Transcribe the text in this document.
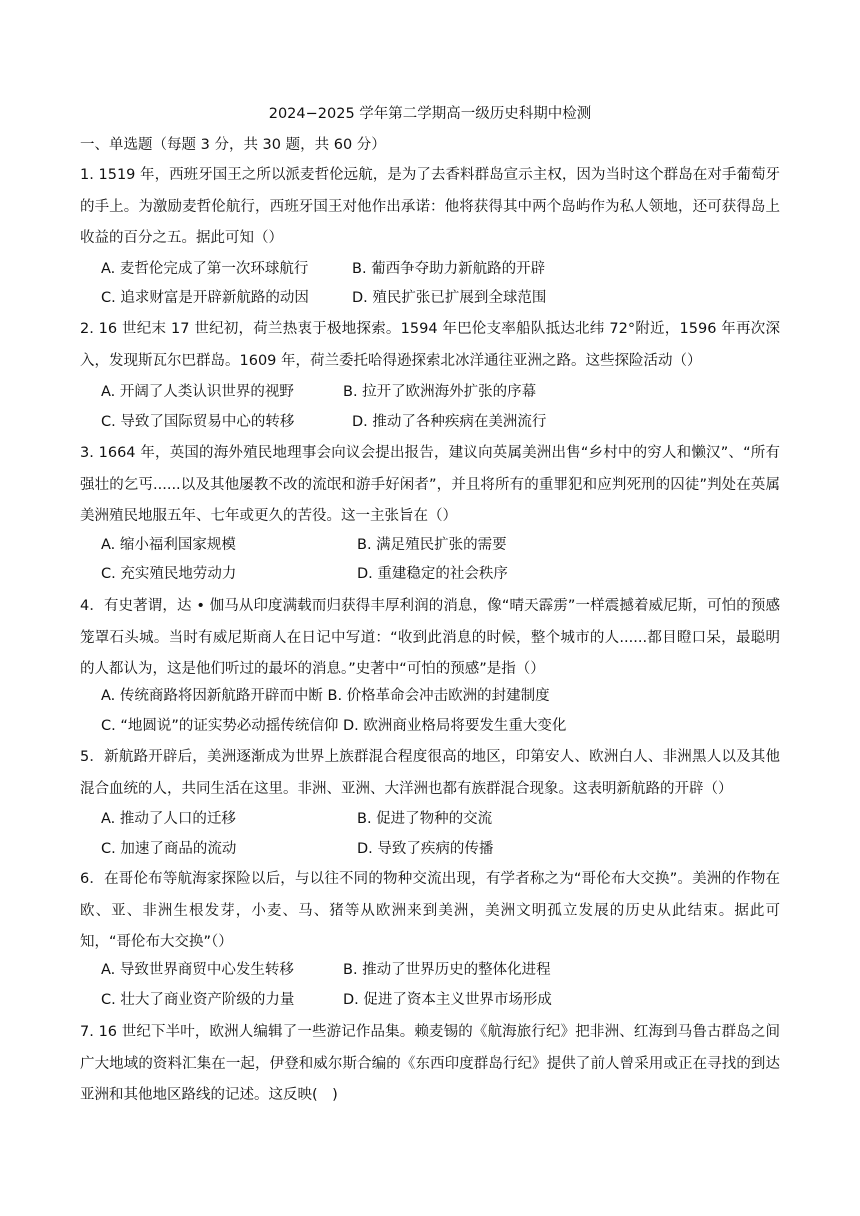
2024−2025 学年第二学期高一级历史科期中检测
一、单选题（每题 3 分，共 30 题，共 60 分）
1. 1519 年，西班牙国王之所以派麦哲伦远航，是为了去香料群岛宣示主权，因为当时这个群岛在对手葡萄牙的手上。为激励麦哲伦航行，西班牙国王对他作出承诺：他将获得其中两个岛屿作为私人领地，还可获得岛上收益的百分之五。据此可知（）
A. 麦哲伦完成了第一次环球航行	B. 葡西争夺助力新航路的开辟
C. 追求财富是开辟新航路的动因	D. 殖民扩张已扩展到全球范围
2. 16 世纪末 17 世纪初，荷兰热衷于极地探索。1594 年巴伦支率船队抵达北纬 72°附近，1596 年再次深入，发现斯瓦尔巴群岛。1609 年，荷兰委托哈得逊探索北冰洋通往亚洲之路。这些探险活动（）
A. 开阔了人类认识世界的视野	B. 拉开了欧洲海外扩张的序幕
C. 导致了国际贸易中心的转移	D. 推动了各种疾病在美洲流行
3. 1664 年，英国的海外殖民地理事会向议会提出报告，建议向英属美洲出售“乡村中的穷人和懒汉”、“所有强壮的乞丐......以及其他屡教不改的流氓和游手好闲者”，并且将所有的重罪犯和应判死刑的囚徒”判处在英属美洲殖民地服五年、七年或更久的苦役。这一主张旨在（）
A. 缩小福利国家规模	B. 满足殖民扩张的需要
C. 充实殖民地劳动力	D. 重建稳定的社会秩序
4．有史著谓，达 • 伽马从印度满载而归获得丰厚利润的消息，像“晴天霹雳”一样震撼着威尼斯，可怕的预感笼罩石头城。当时有威尼斯商人在日记中写道：“收到此消息的时候，整个城市的人......都目瞪口呆，最聪明的人都认为，这是他们听过的最坏的消息。”史著中“可怕的预感”是指（）
A. 传统商路将因新航路开辟而中断 B. 价格革命会冲击欧洲的封建制度
C. “地圆说”的证实势必动摇传统信仰 D. 欧洲商业格局将要发生重大变化
5．新航路开辟后，美洲逐渐成为世界上族群混合程度很高的地区，印第安人、欧洲白人、非洲黑人以及其他混合血统的人，共同生活在这里。非洲、亚洲、大洋洲也都有族群混合现象。这表明新航路的开辟（）
A. 推动了人口的迁移	B. 促进了物种的交流
C. 加速了商品的流动	D. 导致了疾病的传播
6．在哥伦布等航海家探险以后，与以往不同的物种交流出现，有学者称之为“哥伦布大交换”。美洲的作物在欧、亚、非洲生根发芽，小麦、马、猪等从欧洲来到美洲，美洲文明孤立发展的历史从此结束。据此可知，“哥伦布大交换”（）
A. 导致世界商贸中心发生转移	B. 推动了世界历史的整体化进程
C. 壮大了商业资产阶级的力量	D. 促进了资本主义世界市场形成
7. 16 世纪下半叶，欧洲人编辑了一些游记作品集。赖麦锡的《航海旅行纪》把非洲、红海到马鲁古群岛之间广大地域的资料汇集在一起，伊登和威尔斯合编的《东西印度群岛行纪》提供了前人曾采用或正在寻找的到达亚洲和其他地区路线的记述。这反映(　)
